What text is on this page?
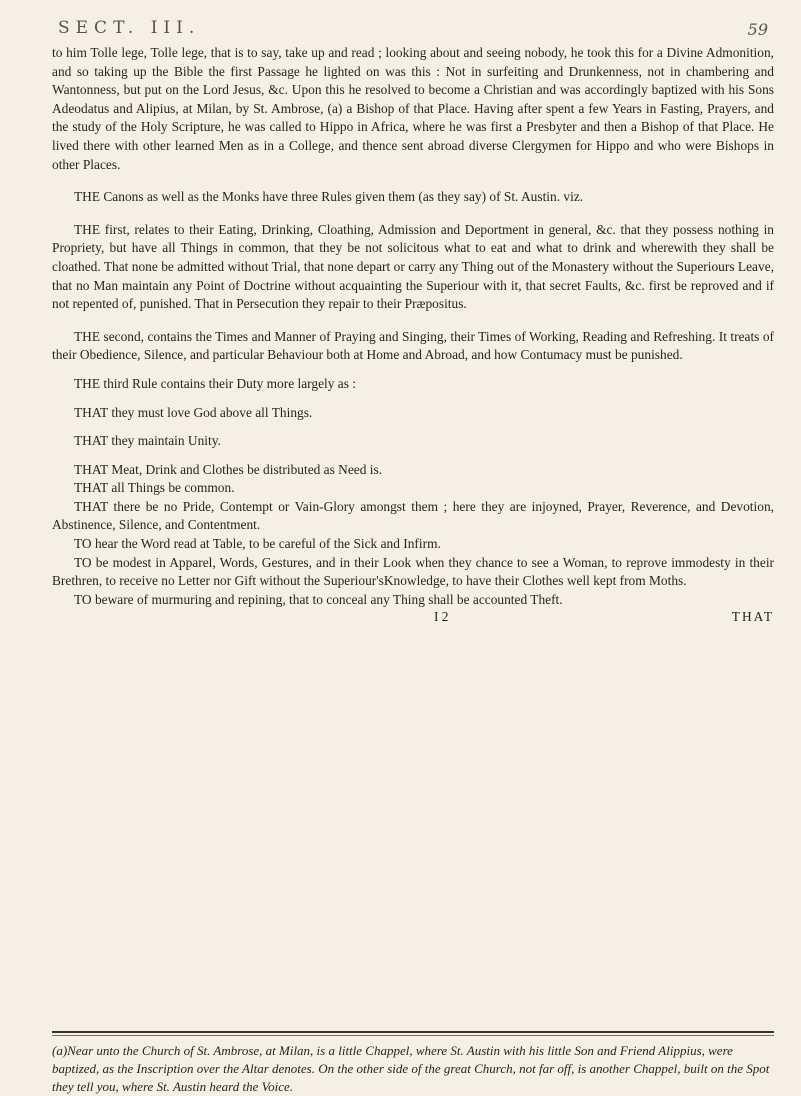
SECT. III.	59

to him Tolle lege, Tolle lege, that is to say, take up and read ; looking about and seeing nobody, he took this for a Divine Admonition, and so taking up the Bible the first Passage he lighted on was this : Not in surfeiting and Drunkenness, not in chambering and Wantonness, but put on the Lord Jesus, &c. Upon this he resolved to become a Christian and was accordingly baptized with his Sons Adeodatus and Alipius, at Milan, by St. Ambrose, (a) a Bishop of that Place. Having after spent a few Years in Fasting, Prayers, and the study of the Holy Scripture, he was called to Hippo in Africa, where he was first a Presbyter and then a Bishop of that Place. He lived there with other learned Men as in a College, and thence sent abroad diverse Clergymen for Hippo and who were Bishops in other Places.

THE Canons as well as the Monks have three Rules given them (as they say) of St. Austin. viz.

THE first, relates to their Eating, Drinking, Cloathing, Admission and Deportment in general, &c. that they possess nothing in Propriety, but have all Things in common, that they be not solicitous what to eat and what to drink and wherewith they shall be cloathed. That none be admitted without Trial, that none depart or carry any Thing out of the Monastery without the Superiours Leave, that no Man maintain any Point of Doctrine without acquainting the Superiour with it, that secret Faults, &c. first be reproved and if not repented of, punished. That in Persecution they repair to their Præpositus.

THE second, contains the Times and Manner of Praying and Singing, their Times of Working, Reading and Refreshing. It treats of their Obedience, Silence, and particular Behaviour both at Home and Abroad, and how Contumacy must be punished.

THE third Rule contains their Duty more largely as :

THAT they must love God above all Things.

THAT they maintain Unity.

THAT Meat, Drink and Clothes be distributed as Need is.

THAT all Things be common.

THAT there be no Pride, Contempt or Vain-Glory amongst them ; here they are injoyned, Prayer, Reverence, and Devotion, Abstinence, Silence, and Contentment.

TO hear the Word read at Table, to be careful of the Sick and Infirm.

TO be modest in Apparel, Words, Gestures, and in their Look when they chance to see a Woman, to reprove immodesty in their Brethren, to receive no Letter nor Gift without the Superiour'sKnowledge, to have their Clothes well kept from Moths.

TO beware of murmuring and repining, that to conceal any Thing shall be accounted Theft.

I 2	THAT

(a)Near unto the Church of St. Ambrose, at Milan, is a little Chappel, where St. Austin with his little Son and Friend Alippius, were baptized, as the Inscription over the Altar denotes. On the other side of the great Church, not far off, is another Chappel, built on the Spot they tell you, where St. Austin heard the Voice.
